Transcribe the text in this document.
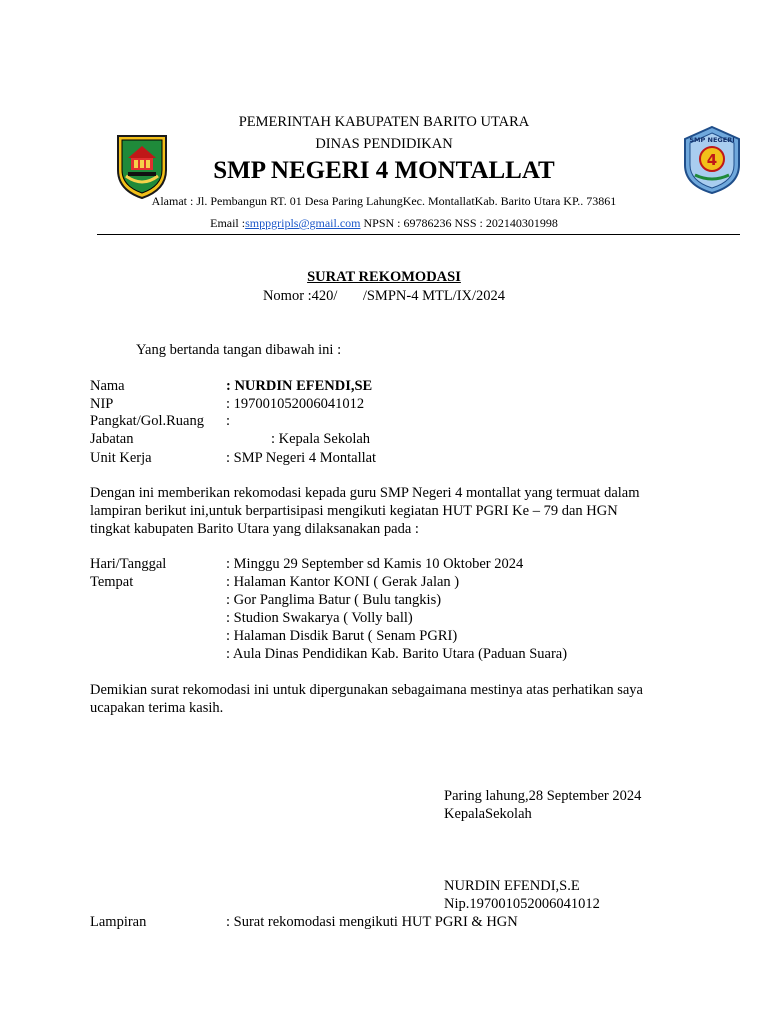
SMP NEGERI
4
PEMERINTAH KABUPATEN BARITO UTARA
DINAS PENDIDIKAN
SMP NEGERI 4 MONTALLAT
Alamat : Jl. Pembangun RT. 01 Desa Paring LahungKec. MontallatKab. Barito Utara KP.. 73861
Email :smppgripls@gmail.com NPSN : 69786236 NSS : 202140301998
SURAT REKOMODASI
Nomor :420/       /SMPN-4 MTL/IX/2024
Yang bertanda tangan dibawah ini :
Nama	: NURDIN EFENDI,SE
NIP	: 197001052006041012
Pangkat/Gol.Ruang :
Jabatan	: Kepala Sekolah
Unit Kerja	: SMP Negeri 4 Montallat
Dengan ini memberikan rekomodasi kepada guru SMP Negeri 4 montallat yang termuat dalam
lampiran berikut ini,untuk berpartisipasi mengikuti kegiatan HUT PGRI Ke – 79 dan HGN
tingkat kabupaten Barito Utara yang dilaksanakan pada :
Hari/Tanggal	: Minggu 29 September sd Kamis 10 Oktober 2024
Tempat	: Halaman Kantor KONI ( Gerak Jalan )
: Gor Panglima Batur ( Bulu tangkis)
: Studion Swakarya ( Volly ball)
: Halaman Disdik Barut ( Senam PGRI)
: Aula Dinas Pendidikan Kab. Barito Utara (Paduan Suara)
Demikian surat rekomodasi ini untuk dipergunakan sebagaimana mestinya atas perhatikan saya
ucapakan terima kasih.
Paring lahung,28 September 2024
KepalaSekolah
NURDIN EFENDI,S.E
Nip.197001052006041012
Lampiran	: Surat rekomodasi mengikuti HUT PGRI & HGN
